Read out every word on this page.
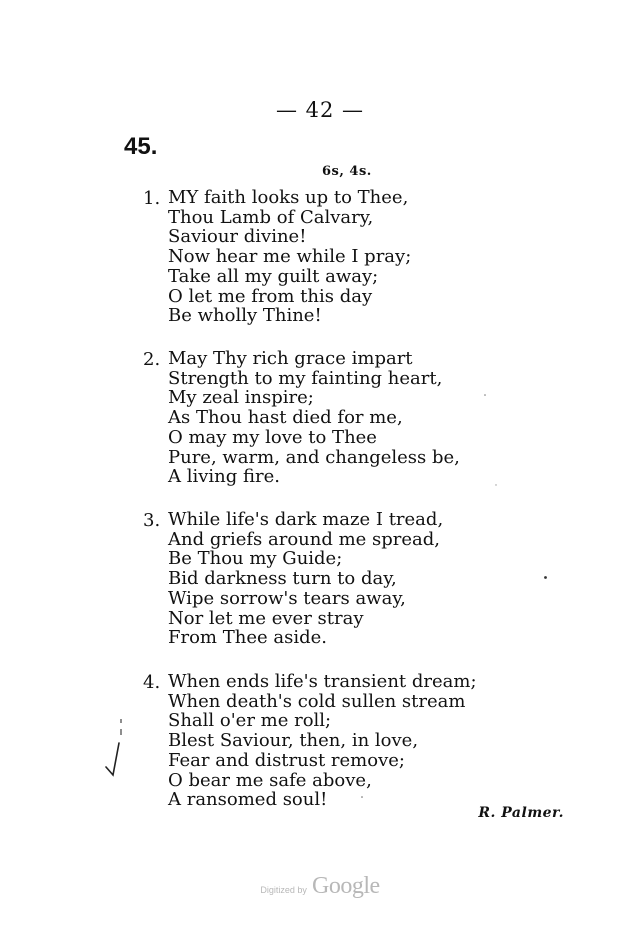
— 42 —
45.
6s, 4s.
1. MY faith looks up to Thee,
Thou Lamb of Calvary,
Saviour divine!
Now hear me while I pray;
Take all my guilt away;
O let me from this day
Be wholly Thine!
2. May Thy rich grace impart
Strength to my fainting heart,
My zeal inspire;
As Thou hast died for me,
O may my love to Thee
Pure, warm, and changeless be,
A living fire.
3. While life's dark maze I tread,
And griefs around me spread,
Be Thou my Guide;
Bid darkness turn to day,
Wipe sorrow's tears away,
Nor let me ever stray
From Thee aside.
4. When ends life's transient dream;
When death's cold sullen stream
Shall o'er me roll;
Blest Saviour, then, in love,
Fear and distrust remove;
O bear me safe above,
A ransomed soul!
R. Palmer.
Digitized by Google
